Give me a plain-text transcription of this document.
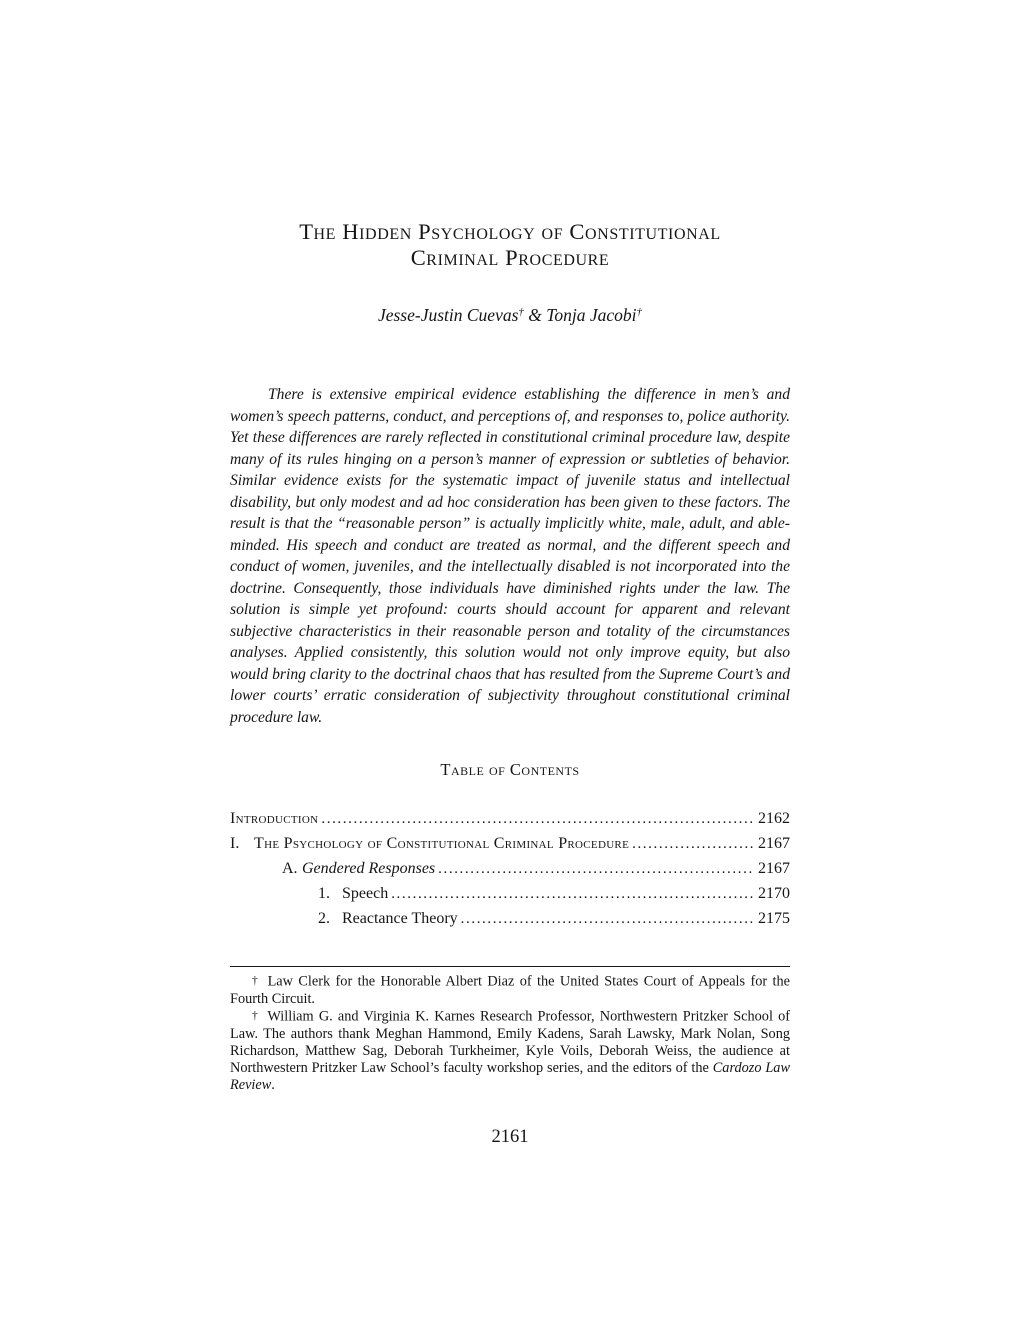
The Hidden Psychology of Constitutional
Criminal Procedure
Jesse-Justin Cuevas† & Tonja Jacobi†

There is extensive empirical evidence establishing the difference in men’s and women’s speech patterns, conduct, and perceptions of, and responses to, police authority. Yet these differences are rarely reflected in constitutional criminal procedure law, despite many of its rules hinging on a person’s manner of expression or subtleties of behavior. Similar evidence exists for the systematic impact of juvenile status and intellectual disability, but only modest and ad hoc consideration has been given to these factors. The result is that the “reasonable person” is actually implicitly white, male, adult, and able-minded. His speech and conduct are treated as normal, and the different speech and conduct of women, juveniles, and the intellectually disabled is not incorporated into the doctrine. Consequently, those individuals have diminished rights under the law. The solution is simple yet profound: courts should account for apparent and relevant subjective characteristics in their reasonable person and totality of the circumstances analyses. Applied consistently, this solution would not only improve equity, but also would bring clarity to the doctrinal chaos that has resulted from the Supreme Court’s and lower courts’ erratic consideration of subjectivity throughout constitutional criminal procedure law.

Table of Contents
Introduction .....	2162
I. The Psychology of Constitutional Criminal Procedure .....	2167
A. Gendered Responses .....	2167
1. Speech .....	2170
2. Reactance Theory .....	2175

† Law Clerk for the Honorable Albert Diaz of the United States Court of Appeals for the Fourth Circuit.

† William G. and Virginia K. Karnes Research Professor, Northwestern Pritzker School of Law. The authors thank Meghan Hammond, Emily Kadens, Sarah Lawsky, Mark Nolan, Song Richardson, Matthew Sag, Deborah Turkheimer, Kyle Voils, Deborah Weiss, the audience at Northwestern Pritzker Law School’s faculty workshop series, and the editors of the Cardozo Law Review.

2161
